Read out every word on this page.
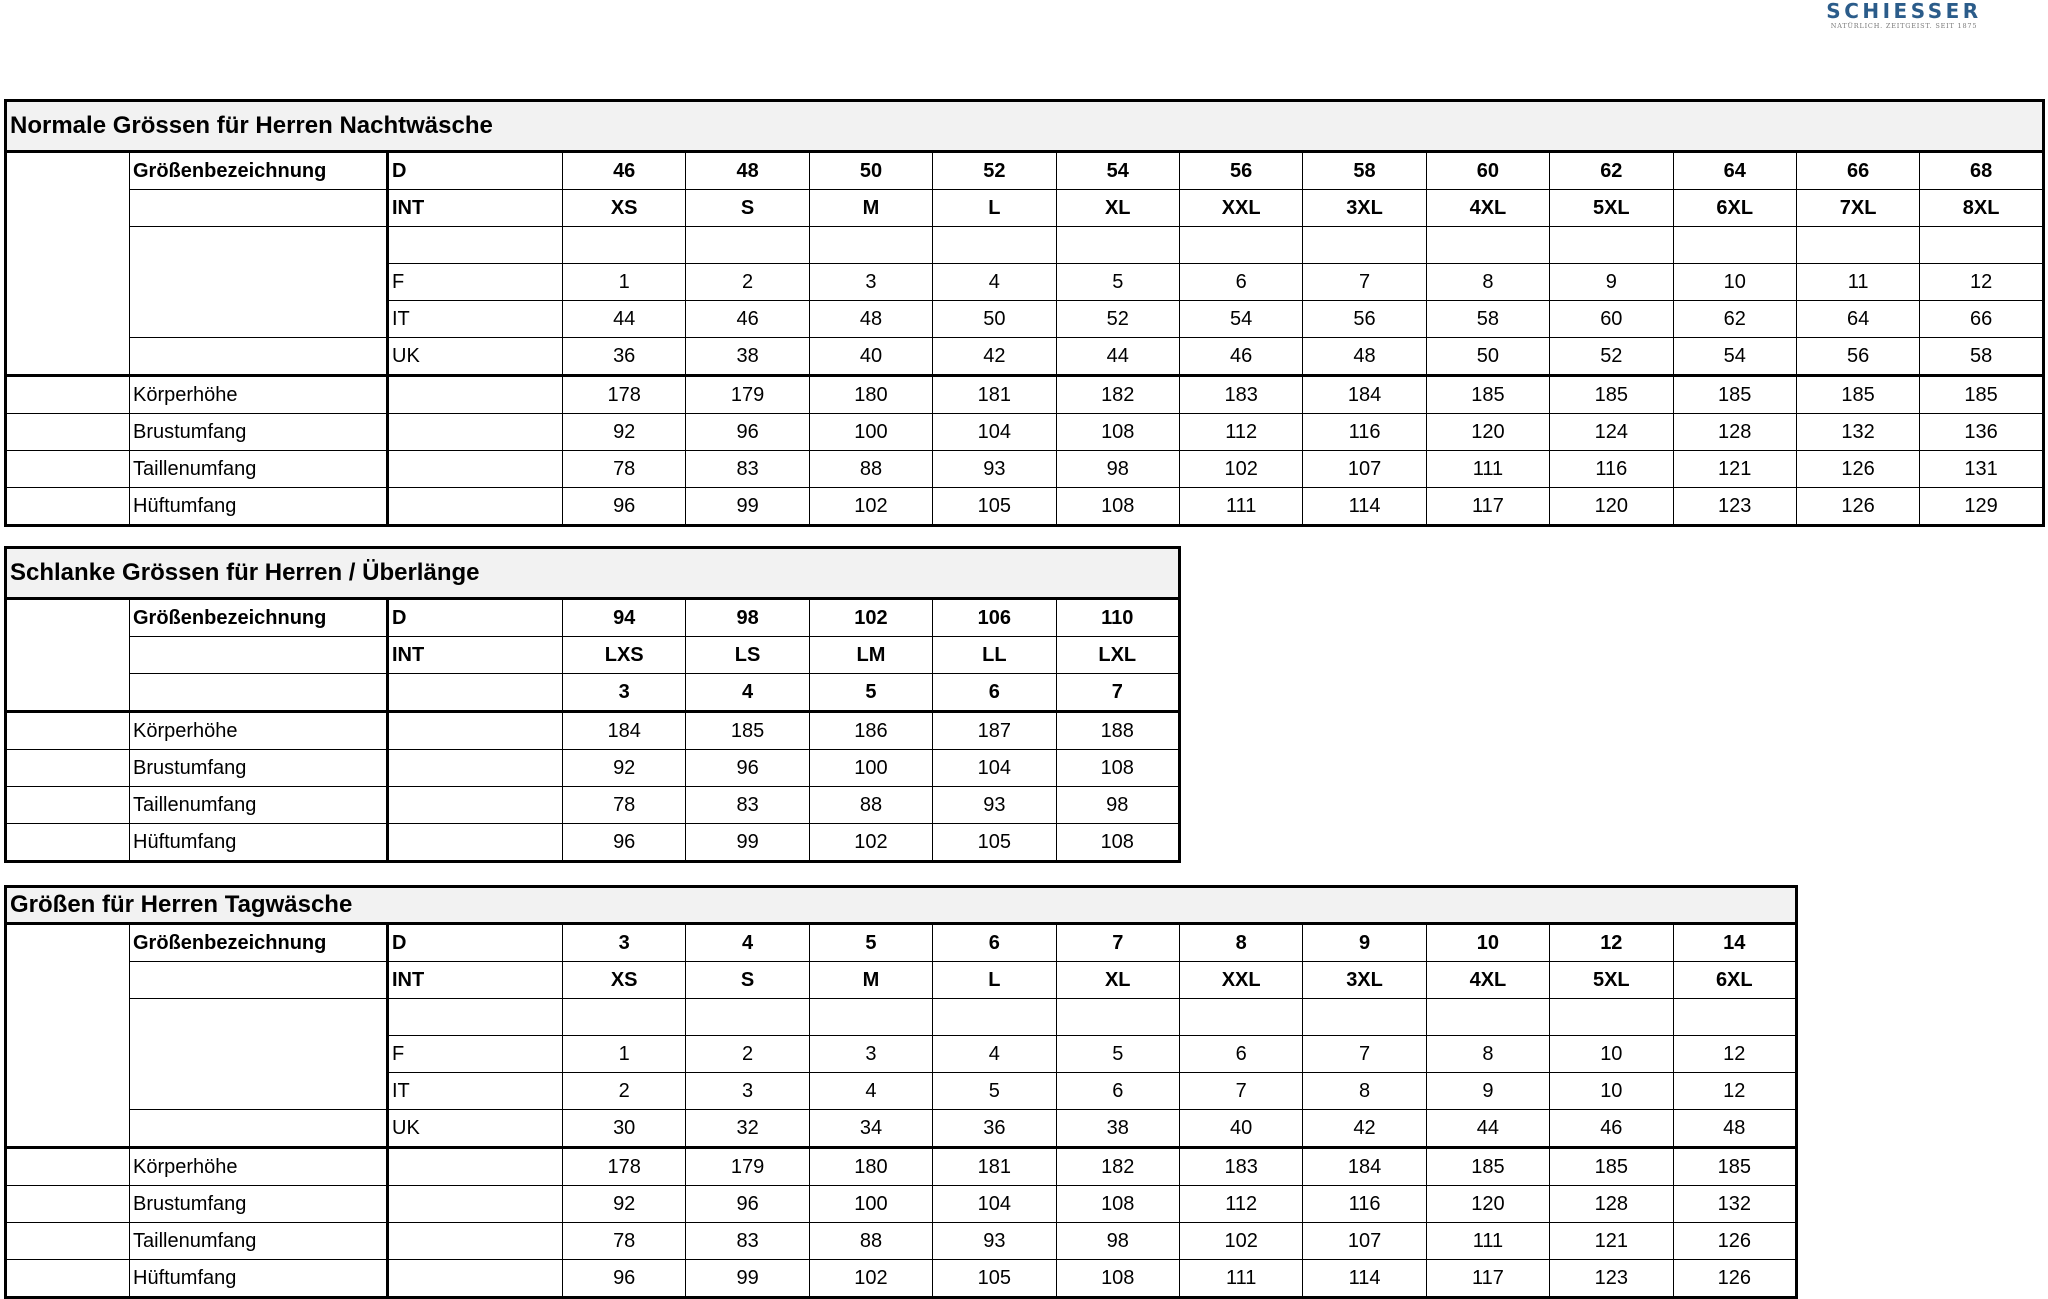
SCHIESSER
NATÜRLICH. ZEITGEIST. SEIT 1875
Normale Grössen für Herren Nachtwäsche														
	Größenbezeichnung	D	46	48	50	52	54	56	58	60	62	64	66	68
		INT	XS	S	M	L	XL	XXL	3XL	4XL	5XL	6XL	7XL	8XL

		F	1	2	3	4	5	6	7	8	9	10	11	12
		IT	44	46	48	50	52	54	56	58	60	62	64	66
		UK	36	38	40	42	44	46	48	50	52	54	56	58
	Körperhöhe		178	179	180	181	182	183	184	185	185	185	185	185
	Brustumfang		92	96	100	104	108	112	116	120	124	128	132	136
	Taillenumfang		78	83	88	93	98	102	107	111	116	121	126	131
	Hüftumfang		96	99	102	105	108	111	114	117	120	123	126	129
Schlanke Grössen für Herren / Überlänge							
	Größenbezeichnung	D	94	98	102	106	110
		INT	LXS	LS	LM	LL	LXL
			3	4	5	6	7
	Körperhöhe		184	185	186	187	188
	Brustumfang		92	96	100	104	108
	Taillenumfang		78	83	88	93	98
	Hüftumfang		96	99	102	105	108
Größen für Herren Tagwäsche												
	Größenbezeichnung	D	3	4	5	6	7	8	9	10	12	14
		INT	XS	S	M	L	XL	XXL	3XL	4XL	5XL	6XL

		F	1	2	3	4	5	6	7	8	10	12
		IT	2	3	4	5	6	7	8	9	10	12
		UK	30	32	34	36	38	40	42	44	46	48
	Körperhöhe		178	179	180	181	182	183	184	185	185	185
	Brustumfang		92	96	100	104	108	112	116	120	128	132
	Taillenumfang		78	83	88	93	98	102	107	111	121	126
	Hüftumfang		96	99	102	105	108	111	114	117	123	126
